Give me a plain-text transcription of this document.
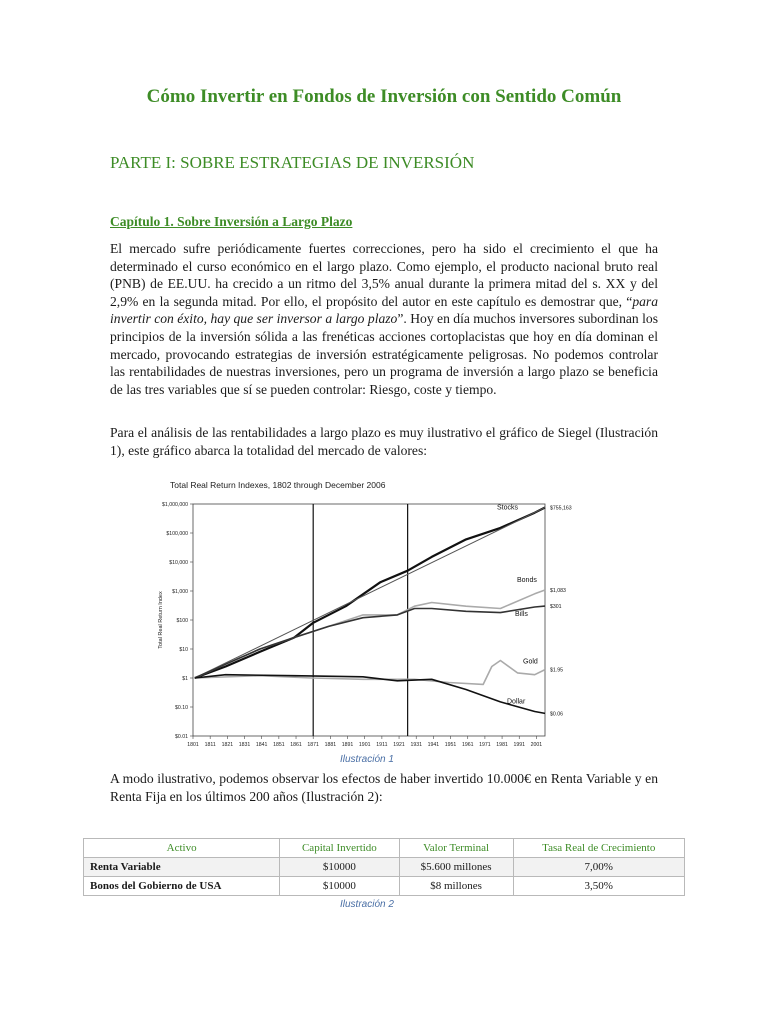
Cómo Invertir en Fondos de Inversión con Sentido Común
PARTE I: SOBRE ESTRATEGIAS DE INVERSIÓN
Capítulo 1. Sobre Inversión a Largo Plazo
El mercado sufre periódicamente fuertes correcciones, pero ha sido el crecimiento el que ha determinado el curso económico en el largo plazo. Como ejemplo, el producto nacional bruto real (PNB) de EE.UU. ha crecido a un ritmo del 3,5% anual durante la primera mitad del s. XX y del 2,9% en la segunda mitad. Por ello, el propósito del autor en este capítulo es demostrar que, “para invertir con éxito, hay que ser inversor a largo plazo”. Hoy en día muchos inversores subordinan los principios de la inversión sólida a las frenéticas acciones cortoplacistas que hoy en día dominan el mercado, provocando estrategias de inversión estratégicamente peligrosas. No podemos controlar las rentabilidades de nuestras inversiones, pero un programa de inversión a largo plazo se beneficia de las tres variables que sí se pueden controlar: Riesgo, coste y tiempo.
Para el análisis de las rentabilidades a largo plazo es muy ilustrativo el gráfico de Siegel (Ilustración 1), este gráfico abarca la totalidad del mercado de valores:
Total Real Return Indexes, 1802 through December 2006
$1,000,000
$100,000
$10,000
$1,000
$100
$10
$1
$0.10
$0.01
1801 1811 1821 1831 1841 1851 1861 1871 1881 1891 1901 1911 1921 1931 1941 1951 1961 1971 1981 1991 2001
Total Real Return Index
Stocks	$755,163
Bonds
$1,083
Bills
$301
Gold
$1.95
Dollar
$0.06
Ilustración 1
A modo ilustrativo, podemos observar los efectos de haber invertido 10.000€ en Renta Variable y en Renta Fija en los últimos 200 años (Ilustración 2):
Activo	Capital Invertido	Valor Terminal	Tasa Real de Crecimiento
Renta Variable	$10000	$5.600 millones	7,00%
Bonos del Gobierno de USA	$10000	$8 millones	3,50%
Ilustración 2
